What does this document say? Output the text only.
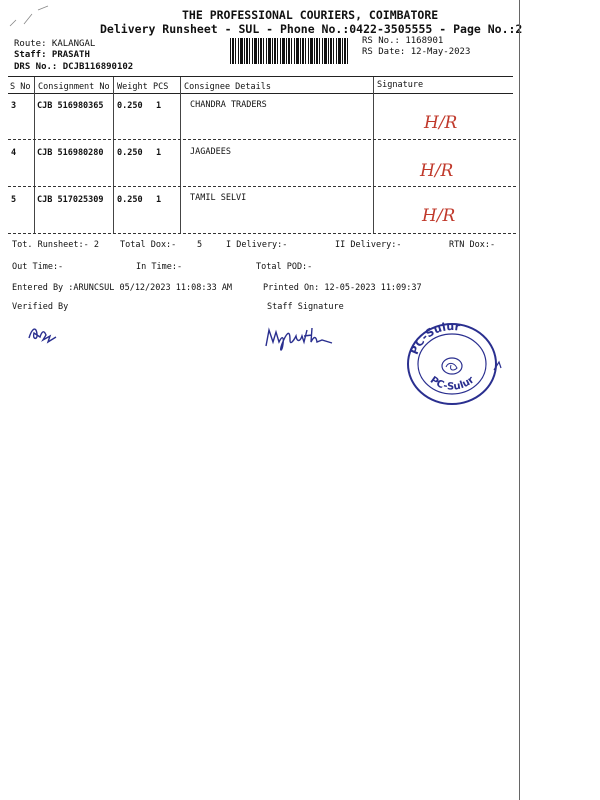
THE PROFESSIONAL COURIERS, COIMBATORE
Delivery Runsheet - SUL - Phone No.:0422-3505555 - Page No.:2
Route: KALANGAL
Staff: PRASATH
DRS No.: DCJB116890102
RS No.: 1168901
RS Date: 12-May-2023
S No Consignment No Weight PCS Consignee Details	Signature
3 CJB 516980365 0.250 1	CHANDRA TRADERS
H/R
4 CJB 516980280 0.250 1	JAGADEES
H/R
5 CJB 517025309 0.250 1	TAMIL SELVI
H/R
Tot. Runsheet:- 2 Total Dox:- 5	I Delivery:-	II Delivery:-	RTN Dox:-
Out Time:-	In Time:-	Total POD:-
Entered By :ARUNCSUL 05/12/2023 11:08:33 AM	Printed On: 12-05-2023 11:09:37
Verified By	Staff Signature
PC-Sulur
PC-Sulur
